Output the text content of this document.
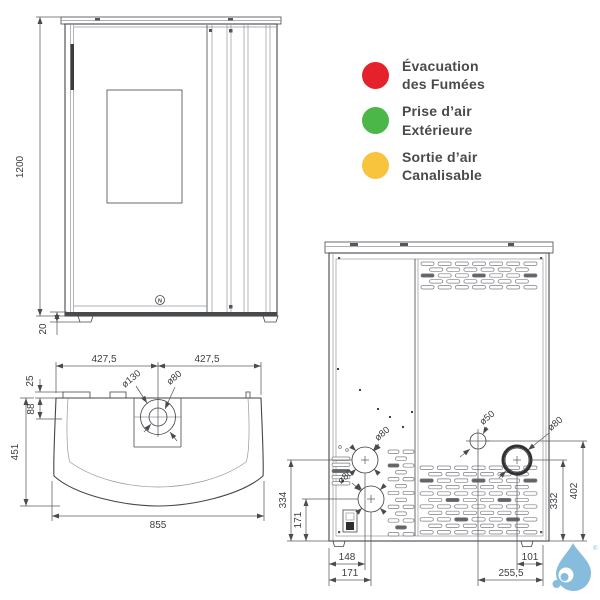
N
1200
20
ø130 ø80
427,5	427,5
25
88
451
855
ø80
ø80
ø50	ø80
334
171
148
171
101
255,5
332
402
®
Évacuation
des Fumées
Prise d’air
Extérieure
Sortie d’air
Canalisable
